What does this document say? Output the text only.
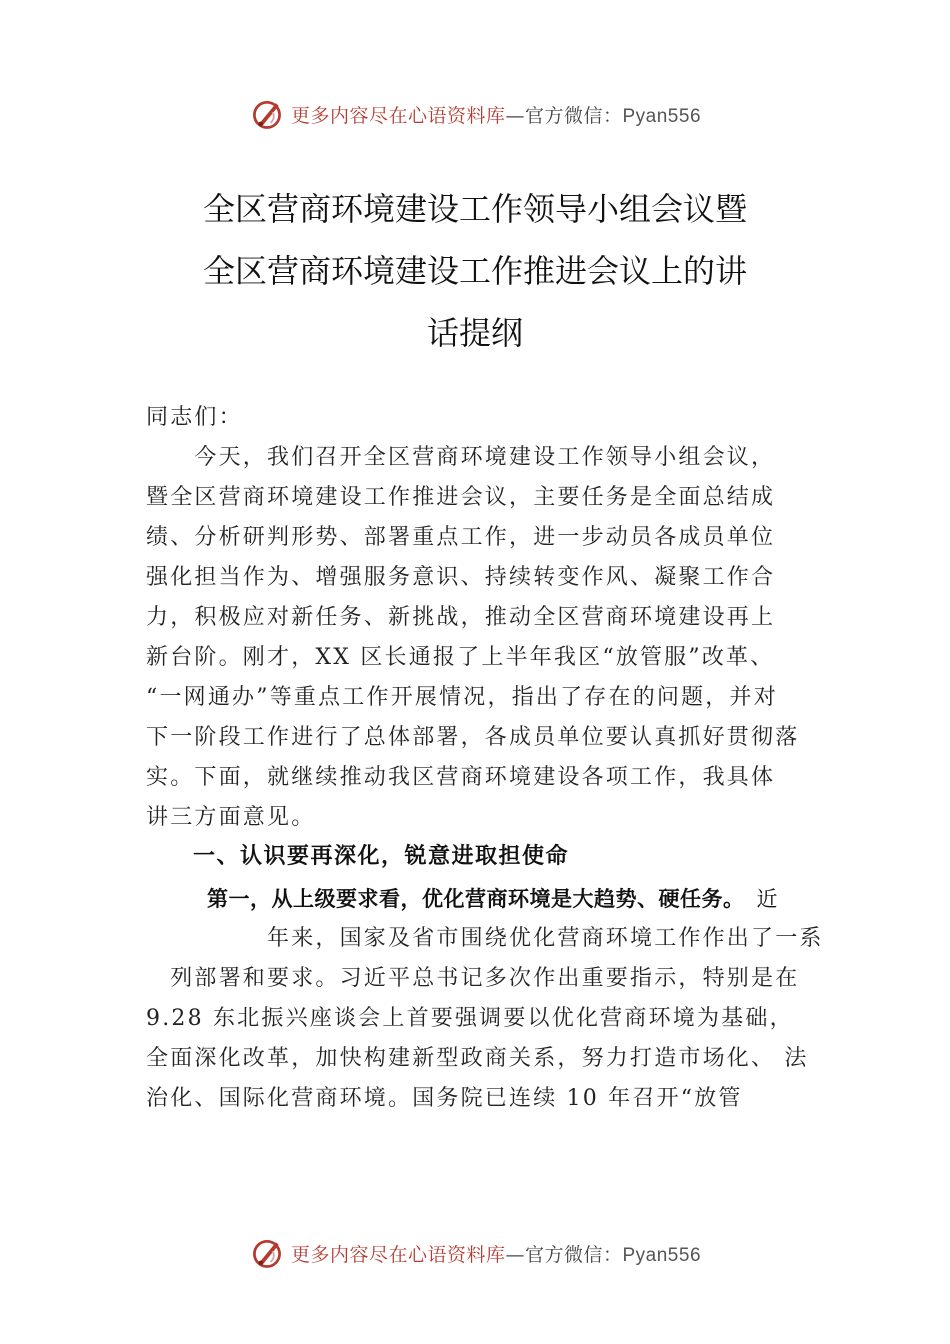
更多内容尽在心语资料库—官方微信：Pyan556
全区营商环境建设工作领导小组会议暨
全区营商环境建设工作推进会议上的讲
话提纲
同志们：
　　今天，我们召开全区营商环境建设工作领导小组会议，
暨全区营商环境建设工作推进会议，主要任务是全面总结成
绩、分析研判形势、部署重点工作，进一步动员各成员单位
强化担当作为、增强服务意识、持续转变作风、凝聚工作合
力，积极应对新任务、新挑战，推动全区营商环境建设再上
新台阶。刚才，XX 区长通报了上半年我区“放管服”改革、
“一网通办”等重点工作开展情况，指出了存在的问题，并对
下一阶段工作进行了总体部署，各成员单位要认真抓好贯彻落
实。下面，就继续推动我区营商环境建设各项工作，我具体
讲三方面意见。
一、认识要再深化，锐意进取担使命
第一，从上级要求看，优化营商环境是大趋势、硬任务。 近
　　　　　年来，国家及省市围绕优化营商环境工作作出了一系
　列部署和要求。习近平总书记多次作出重要指示，特别是在
9.28 东北振兴座谈会上首要强调要以优化营商环境为基础，
全面深化改革，加快构建新型政商关系，努力打造市场化、 法
治化、国际化营商环境。国务院已连续 10 年召开“放管
更多内容尽在心语资料库—官方微信：Pyan556
